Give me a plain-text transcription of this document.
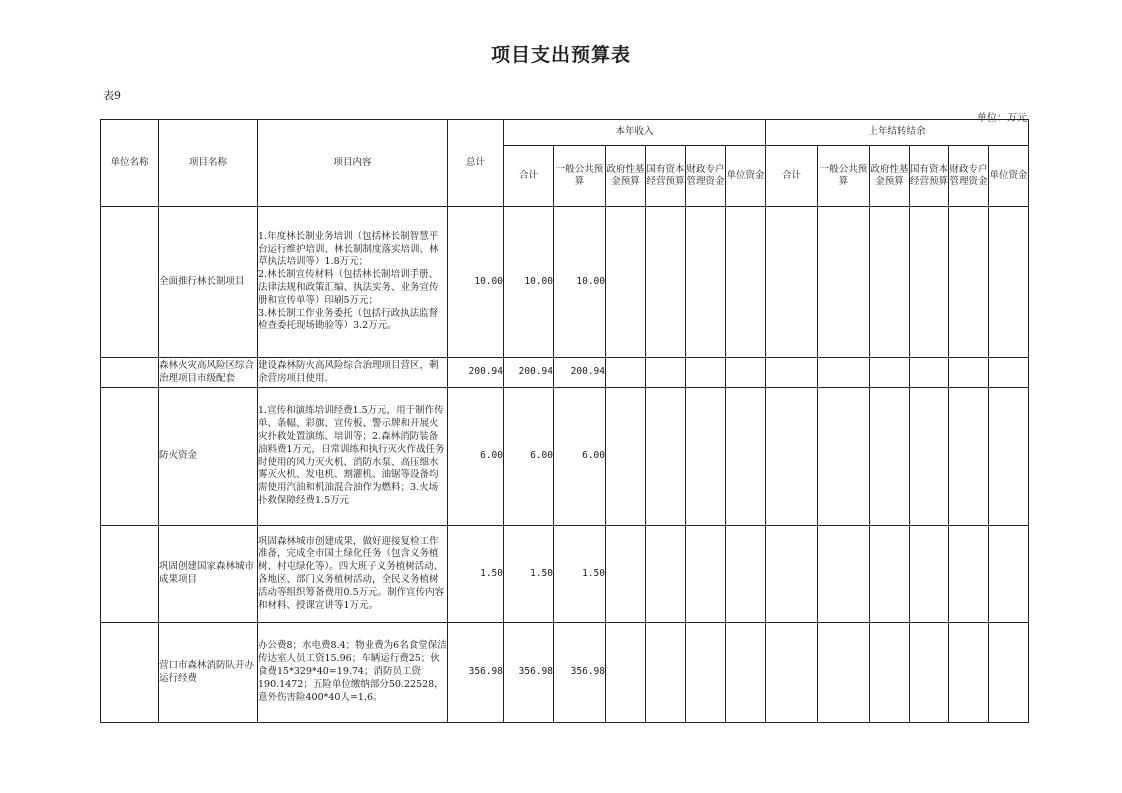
项目支出预算表
表9
单位：万元
单位名称	项目名称	项目内容	总计	本年收入						上年结转结余					
				合计	一般公共预算	政府性基金预算	国有资本经营预算	财政专户管理资金	单位资金	合计	一般公共预算	政府性基金预算	国有资本经营预算	财政专户管理资金	单位资金
	全面推行林长制项目	1.年度林长制业务培训（包括林长制智慧平台运行维护培训、林长制制度落实培训、林草执法培训等）1.8万元；
2.林长制宣传材料（包括林长制培训手册、法律法规和政策汇编、执法实务、业务宣传册和宣传单等）印刷5万元；
3.林长制工作业务委托（包括行政执法监督检查委托现场勘验等）3.2万元。	10.00	10.00	10.00										
	森林火灾高风险区综合治理项目市级配套	建设森林防火高风险综合治理项目营区，剩余营房项目使用.	200.94	200.94	200.94										
	防火资金	1.宣传和演练培训经费1.5万元，用于制作传单、条幅、彩旗、宣传板、警示牌和开展火灾扑救处置演练、培训等；2.森林消防装备油料费1万元，日常训练和执行灭火作战任务时使用的风力灭火机、消防水泵、高压细水雾灭火机、发电机、割灌机、油锯等设备均需使用汽油和机油混合油作为燃料；3.火场扑救保障经费1.5万元	6.00	6.00	6.00										
	巩固创建国家森林城市成果项目	巩固森林城市创建成果，做好迎接复检工作准备，完成全市国土绿化任务（包含义务植树、村屯绿化等）。四大班子义务植树活动、各地区、部门义务植树活动，全民义务植树活动等组织筹备费用0.5万元。制作宣传内容和材料、授课宣讲等1万元。	1.50	1.50	1.50										
	营口市森林消防队开办运行经费	办公费8；水电费8.4；物业费为6名食堂保洁传达室人员工资15.96；车辆运行费25；伙食费15*329*40=19.74；消防员工资190.1472；五险单位缴纳部分50.22528，意外伤害险400*40人=1.6。	356.98	356.98	356.98										
